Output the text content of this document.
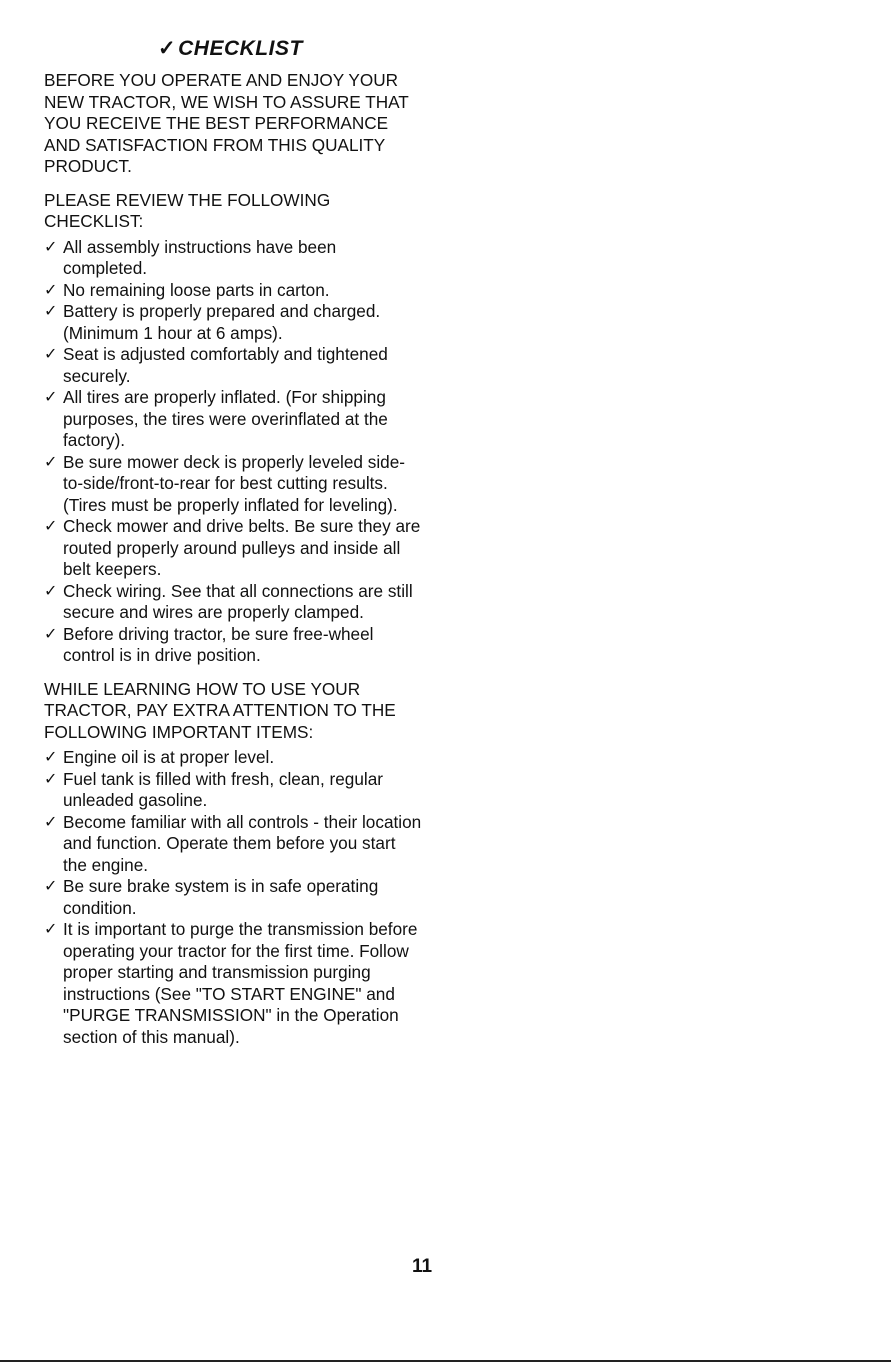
✓CHECKLIST

BEFORE YOU OPERATE AND ENJOY YOUR NEW TRACTOR, WE WISH TO ASSURE THAT YOU RECEIVE THE BEST PERFORMANCE AND SATISFACTION FROM THIS QUALITY PRODUCT.

PLEASE REVIEW THE FOLLOWING CHECKLIST:

✓ All assembly instructions have been completed.
✓ No remaining loose parts in carton.
✓ Battery is properly prepared and charged. (Minimum 1 hour at 6 amps).
✓ Seat is adjusted comfortably and tightened securely.
✓ All tires are properly inflated. (For shipping purposes, the tires were overinflated at the factory).
✓ Be sure mower deck is properly leveled side-to-side/front-to-rear for best cutting results. (Tires must be properly inflated for leveling).
✓ Check mower and drive belts. Be sure they are routed properly around pulleys and inside all belt keepers.
✓ Check wiring. See that all connections are still secure and wires are properly clamped.
✓ Before driving tractor, be sure free-wheel control is in drive position.

WHILE LEARNING HOW TO USE YOUR TRACTOR, PAY EXTRA ATTENTION TO THE FOLLOWING IMPORTANT ITEMS:

✓ Engine oil is at proper level.
✓ Fuel tank is filled with fresh, clean, regular unleaded gasoline.
✓ Become familiar with all controls - their location and function. Operate them before you start the engine.
✓ Be sure brake system is in safe operating condition.
✓ It is important to purge the transmission before operating your tractor for the first time. Follow proper starting and transmission purging instructions (See "TO START ENGINE" and "PURGE TRANSMISSION" in the Operation section of this manual).
11
